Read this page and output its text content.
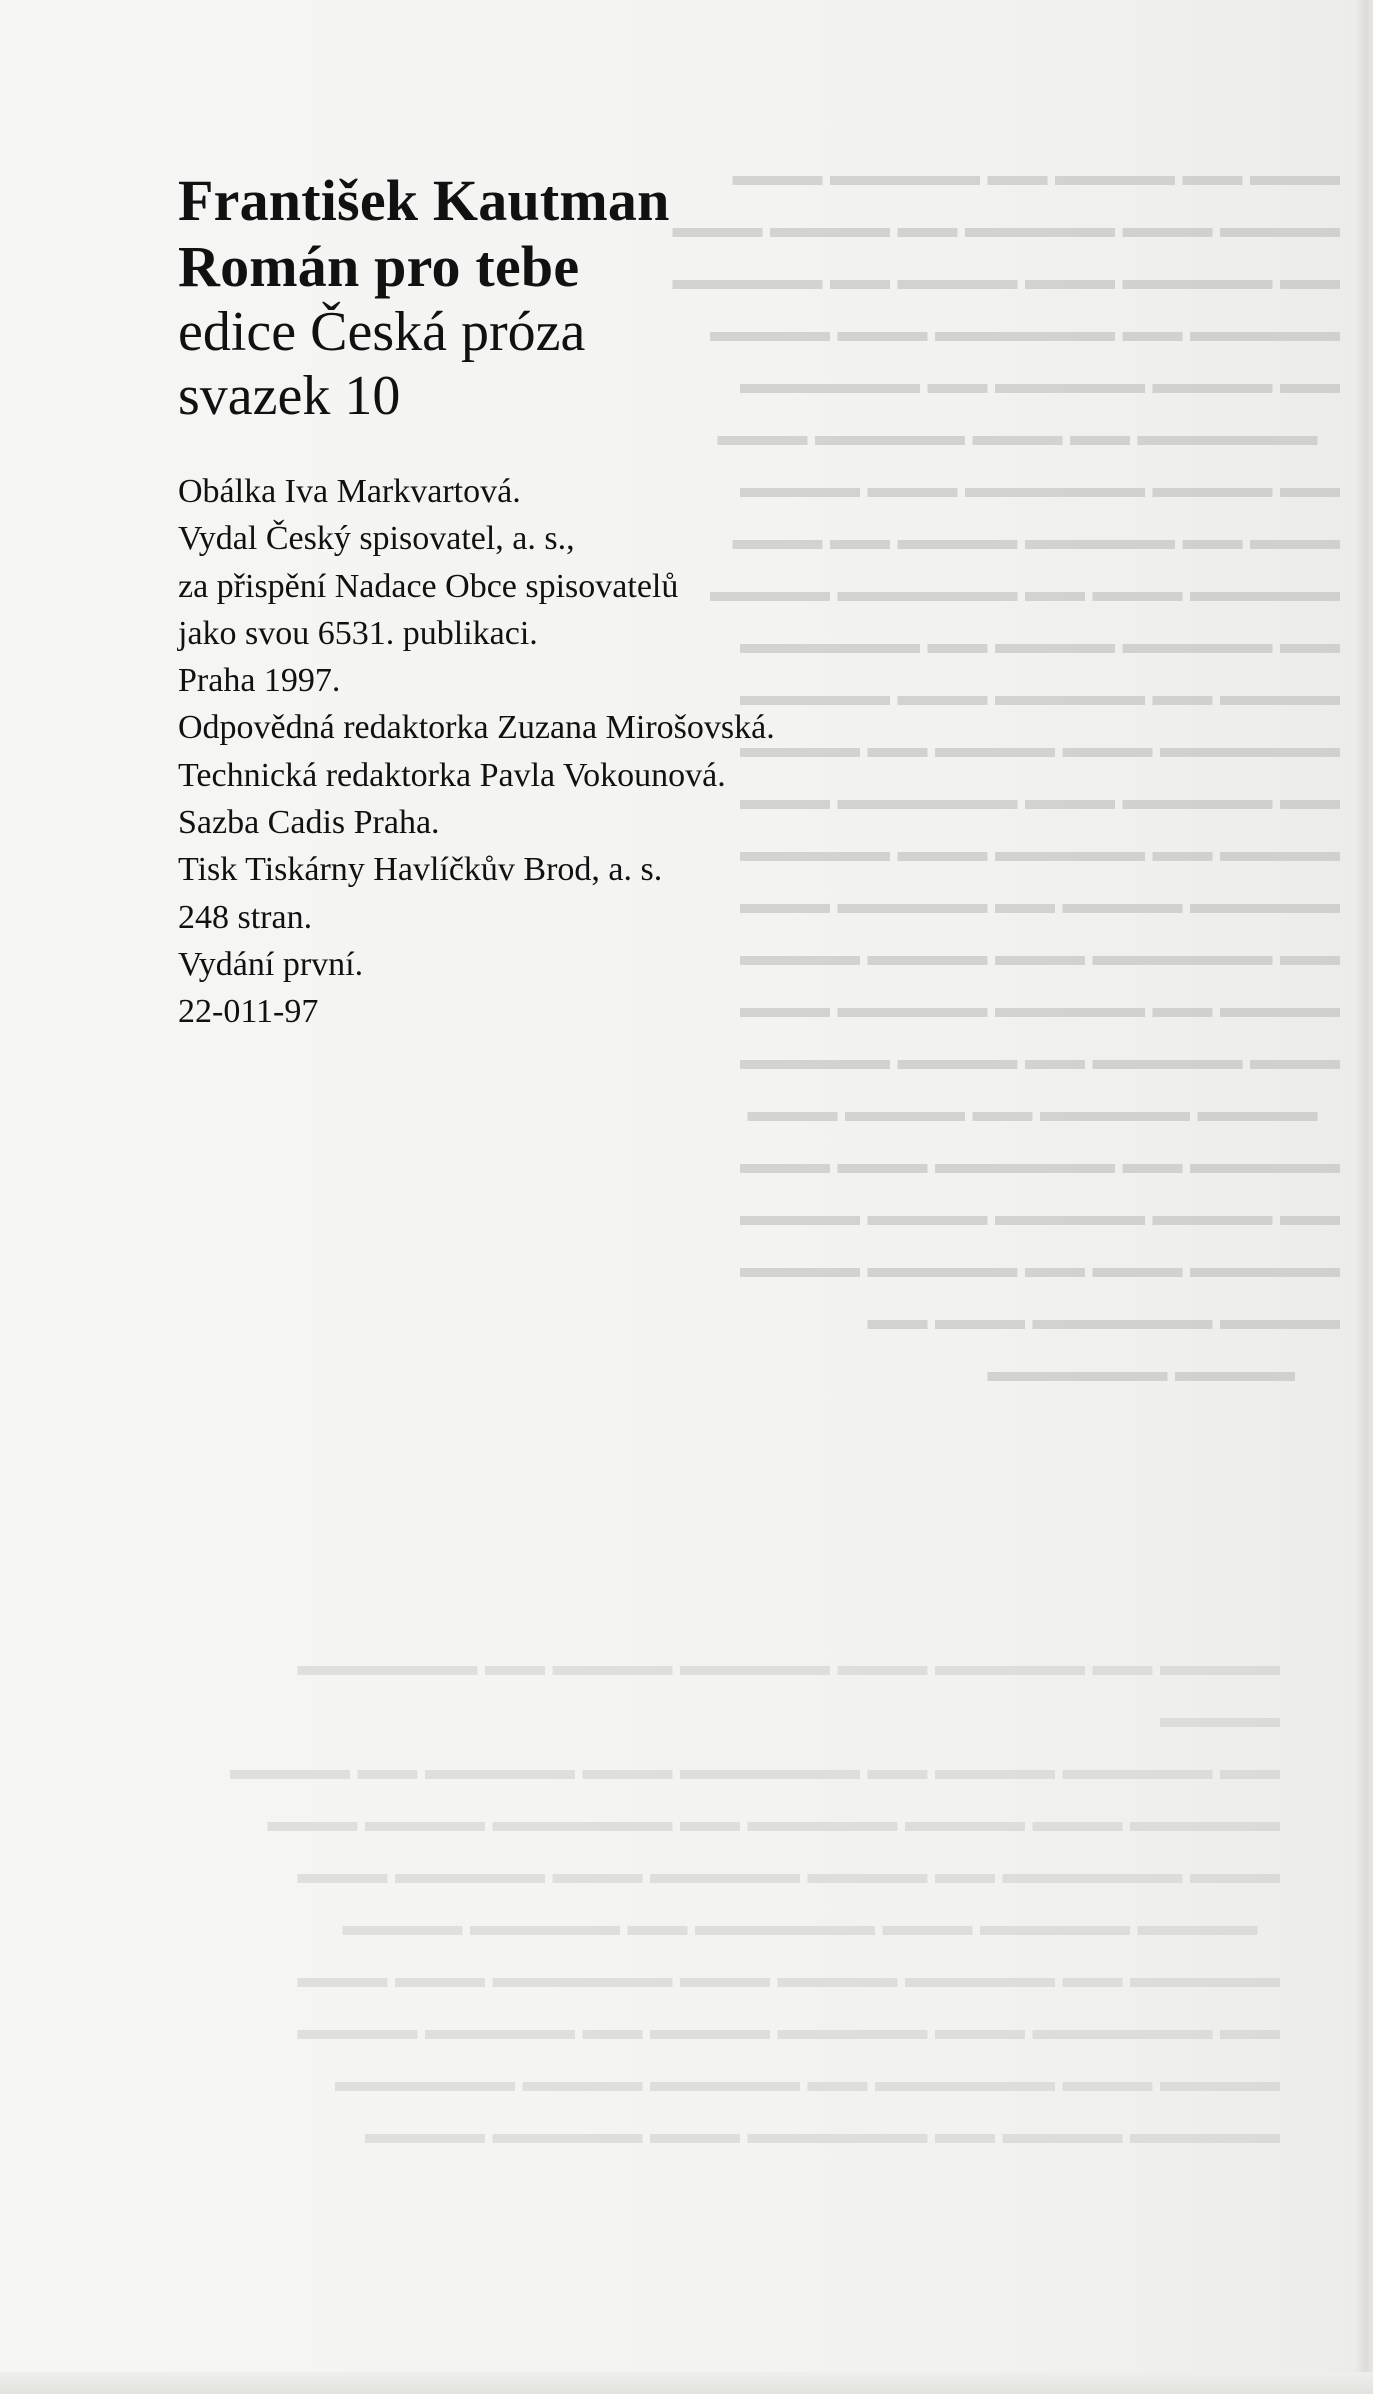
▬▬▬ ▬▬ ▬▬▬▬ ▬▬ ▬▬▬▬▬ ▬▬▬
▬▬▬▬ ▬▬▬ ▬▬▬▬▬ ▬▬ ▬▬▬▬ ▬▬▬
▬▬ ▬▬▬▬▬ ▬▬▬ ▬▬▬▬ ▬▬ ▬▬▬▬▬
▬▬▬▬▬ ▬▬ ▬▬▬▬▬▬ ▬▬▬ ▬▬▬▬
▬▬ ▬▬▬▬ ▬▬▬▬▬ ▬▬ ▬▬▬▬▬▬
▬▬▬▬▬▬ ▬▬ ▬▬▬ ▬▬▬▬▬ ▬▬▬
▬▬ ▬▬▬▬ ▬▬▬▬▬▬ ▬▬▬ ▬▬▬▬
▬▬▬ ▬▬ ▬▬▬▬▬ ▬▬▬▬ ▬▬ ▬▬▬
▬▬▬▬▬ ▬▬▬ ▬▬ ▬▬▬▬▬▬ ▬▬▬▬
▬▬ ▬▬▬▬▬ ▬▬▬▬ ▬▬ ▬▬▬▬▬▬
▬▬▬▬ ▬▬ ▬▬▬▬▬ ▬▬▬ ▬▬▬▬▬
▬▬▬▬▬▬ ▬▬▬ ▬▬▬▬ ▬▬ ▬▬▬▬
▬▬ ▬▬▬▬▬ ▬▬▬ ▬▬▬▬▬▬ ▬▬▬
▬▬▬▬ ▬▬ ▬▬▬▬▬ ▬▬▬ ▬▬▬▬▬
▬▬▬▬▬ ▬▬▬▬ ▬▬ ▬▬▬▬▬ ▬▬▬
▬▬ ▬▬▬▬▬▬ ▬▬▬ ▬▬▬▬ ▬▬▬▬
▬▬▬▬ ▬▬ ▬▬▬▬▬ ▬▬▬▬▬ ▬▬▬
▬▬▬ ▬▬▬▬▬ ▬▬ ▬▬▬▬ ▬▬▬▬▬
▬▬▬▬ ▬▬▬▬▬ ▬▬ ▬▬▬▬ ▬▬▬
▬▬▬▬▬ ▬▬ ▬▬▬▬▬▬ ▬▬▬ ▬▬▬
▬▬ ▬▬▬▬ ▬▬▬▬▬ ▬▬▬▬ ▬▬▬▬
▬▬▬▬▬ ▬▬▬ ▬▬ ▬▬▬▬▬ ▬▬▬▬
▬▬▬▬ ▬▬▬▬▬▬ ▬▬▬ ▬▬
▬▬▬▬ ▬▬▬▬▬▬
▬▬▬▬ ▬▬ ▬▬▬▬▬ ▬▬▬ ▬▬▬▬▬ ▬▬▬▬ ▬▬ ▬▬▬▬▬▬ ▬▬▬▬
▬▬ ▬▬▬▬▬ ▬▬▬▬ ▬▬ ▬▬▬▬▬▬ ▬▬▬ ▬▬▬▬▬ ▬▬ ▬▬▬▬
▬▬▬▬▬ ▬▬▬ ▬▬▬▬ ▬▬▬▬▬ ▬▬ ▬▬▬▬▬▬ ▬▬▬▬ ▬▬▬
▬▬▬ ▬▬▬▬▬▬ ▬▬ ▬▬▬▬ ▬▬▬▬▬ ▬▬▬ ▬▬▬▬▬ ▬▬▬
▬▬▬▬ ▬▬▬▬▬ ▬▬▬ ▬▬▬▬▬▬ ▬▬ ▬▬▬▬▬ ▬▬▬▬
▬▬▬▬▬ ▬▬ ▬▬▬▬▬ ▬▬▬▬ ▬▬▬ ▬▬▬▬▬▬ ▬▬▬ ▬▬▬
▬▬ ▬▬▬▬▬▬ ▬▬▬ ▬▬▬▬▬ ▬▬▬▬ ▬▬ ▬▬▬▬▬ ▬▬▬▬
▬▬▬▬ ▬▬▬ ▬▬▬▬▬▬ ▬▬ ▬▬▬▬▬ ▬▬▬▬ ▬▬▬▬▬▬
▬▬▬▬▬ ▬▬▬▬ ▬▬ ▬▬▬▬▬▬ ▬▬▬ ▬▬▬▬▬ ▬▬▬▬

František Kautman

Román pro tebe

edice Česká próza

svazek 10

Obálka Iva Markvartová.

Vydal Český spisovatel, a. s.,

za přispění Nadace Obce spisovatelů

jako svou 6531. publikaci.

Praha 1997.

Odpovědná redaktorka Zuzana Mirošovská.

Technická redaktorka Pavla Vokounová.

Sazba Cadis Praha.

Tisk Tiskárny Havlíčkův Brod, a. s.

248 stran.

Vydání první.

22-011-97
